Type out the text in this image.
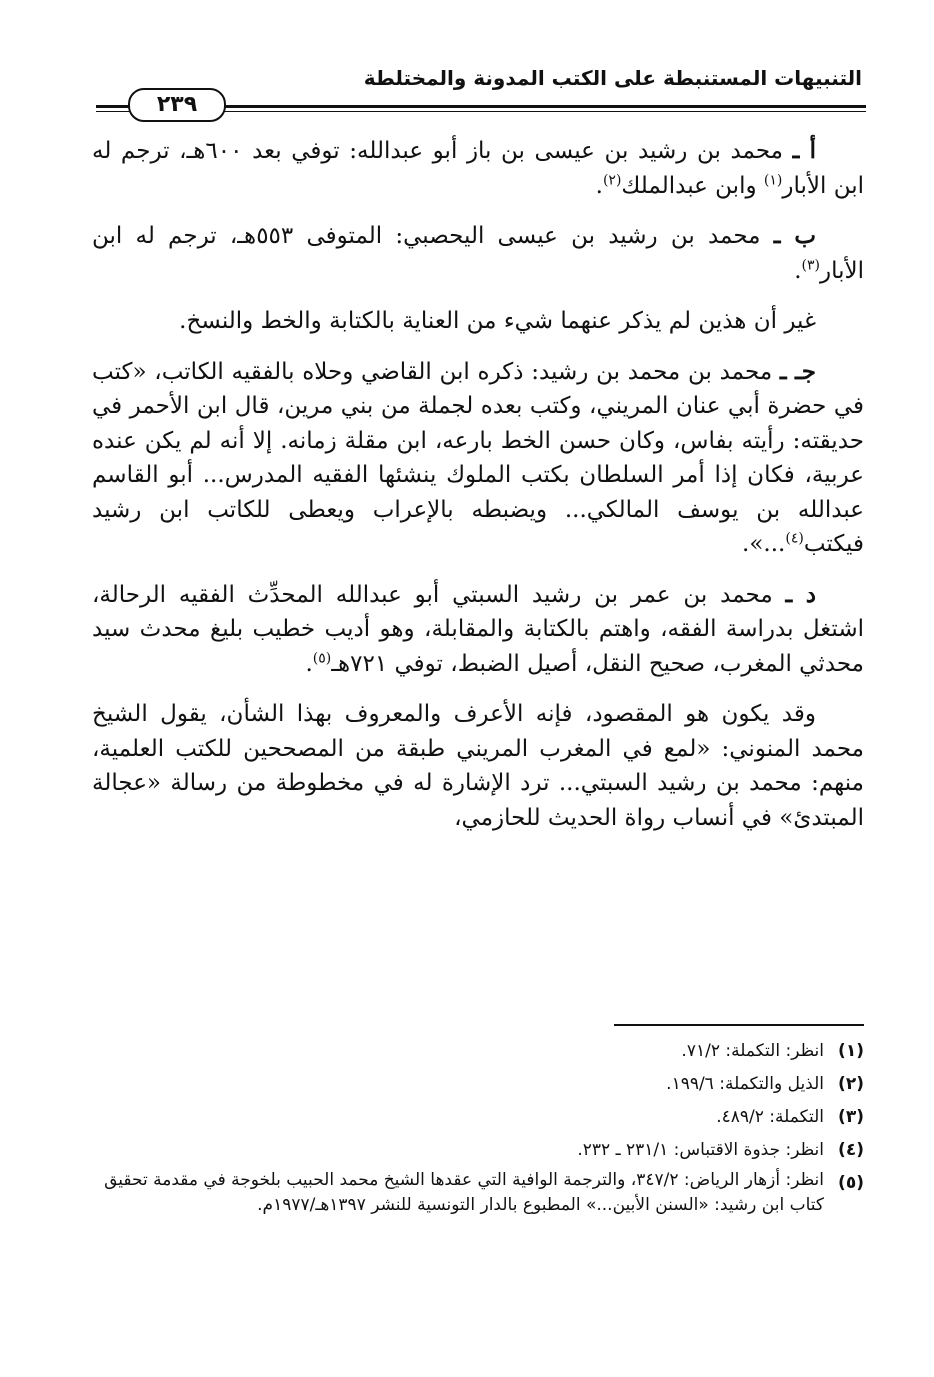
التنبيهات المستنبطة على الكتب المدونة والمختلطة
٢٣٩

أ ـ محمد بن رشيد بن عيسى بن باز أبو عبدالله: توفي بعد ٦٠٠هـ، ترجم له ابن الأبار$^{(١)}$ وابن عبدالملك$^{(٢)}$.

ب ـ محمد بن رشيد بن عيسى اليحصبي: المتوفى ٥٥٣هـ، ترجم له ابن الأبار$^{(٣)}$.

غير أن هذين لم يذكر عنهما شيء من العناية بالكتابة والخط والنسخ.

جـ ـ محمد بن محمد بن رشيد: ذكره ابن القاضي وحلاه بالفقيه الكاتب، «كتب في حضرة أبي عنان المريني، وكتب بعده لجملة من بني مرين، قال ابن الأحمر في حديقته: رأيته بفاس، وكان حسن الخط بارعه، ابن مقلة زمانه. إلا أنه لم يكن عنده عربية، فكان إذا أمر السلطان بكتب الملوك ينشئها الفقيه المدرس... أبو القاسم عبدالله بن يوسف المالكي... ويضبطه بالإعراب ويعطى للكاتب ابن رشيد فيكتب$^{(٤)}$...».

د ـ محمد بن عمر بن رشيد السبتي أبو عبدالله المحدِّث الفقيه الرحالة، اشتغل بدراسة الفقه، واهتم بالكتابة والمقابلة، وهو أديب خطيب بليغ محدث سيد محدثي المغرب، صحيح النقل، أصيل الضبط، توفي ٧٢١هـ$^{(٥)}$.

وقد يكون هو المقصود، فإنه الأعرف والمعروف بهذا الشأن، يقول الشيخ محمد المنوني: «لمع في المغرب المريني طبقة من المصححين للكتب العلمية، منهم: محمد بن رشيد السبتي... ترد الإشارة له في مخطوطة من رسالة «عجالة المبتدئ» في أنساب رواة الحديث للحازمي،

(١)
انظر: التكملة: ٧١/٢.
(٢)
الذيل والتكملة: ١٩٩/٦.
(٣)
التكملة: ٤٨٩/٢.
(٤)
انظر: جذوة الاقتباس: ٢٣١/١ ـ ٢٣٢.
(٥)
انظر: أزهار الرياض: ٣٤٧/٢، والترجمة الوافية التي عقدها الشيخ محمد الحبيب بلخوجة في مقدمة تحقيق كتاب ابن رشيد: «السنن الأبين...» المطبوع بالدار التونسية للنشر ١٣٩٧هـ/١٩٧٧م.
